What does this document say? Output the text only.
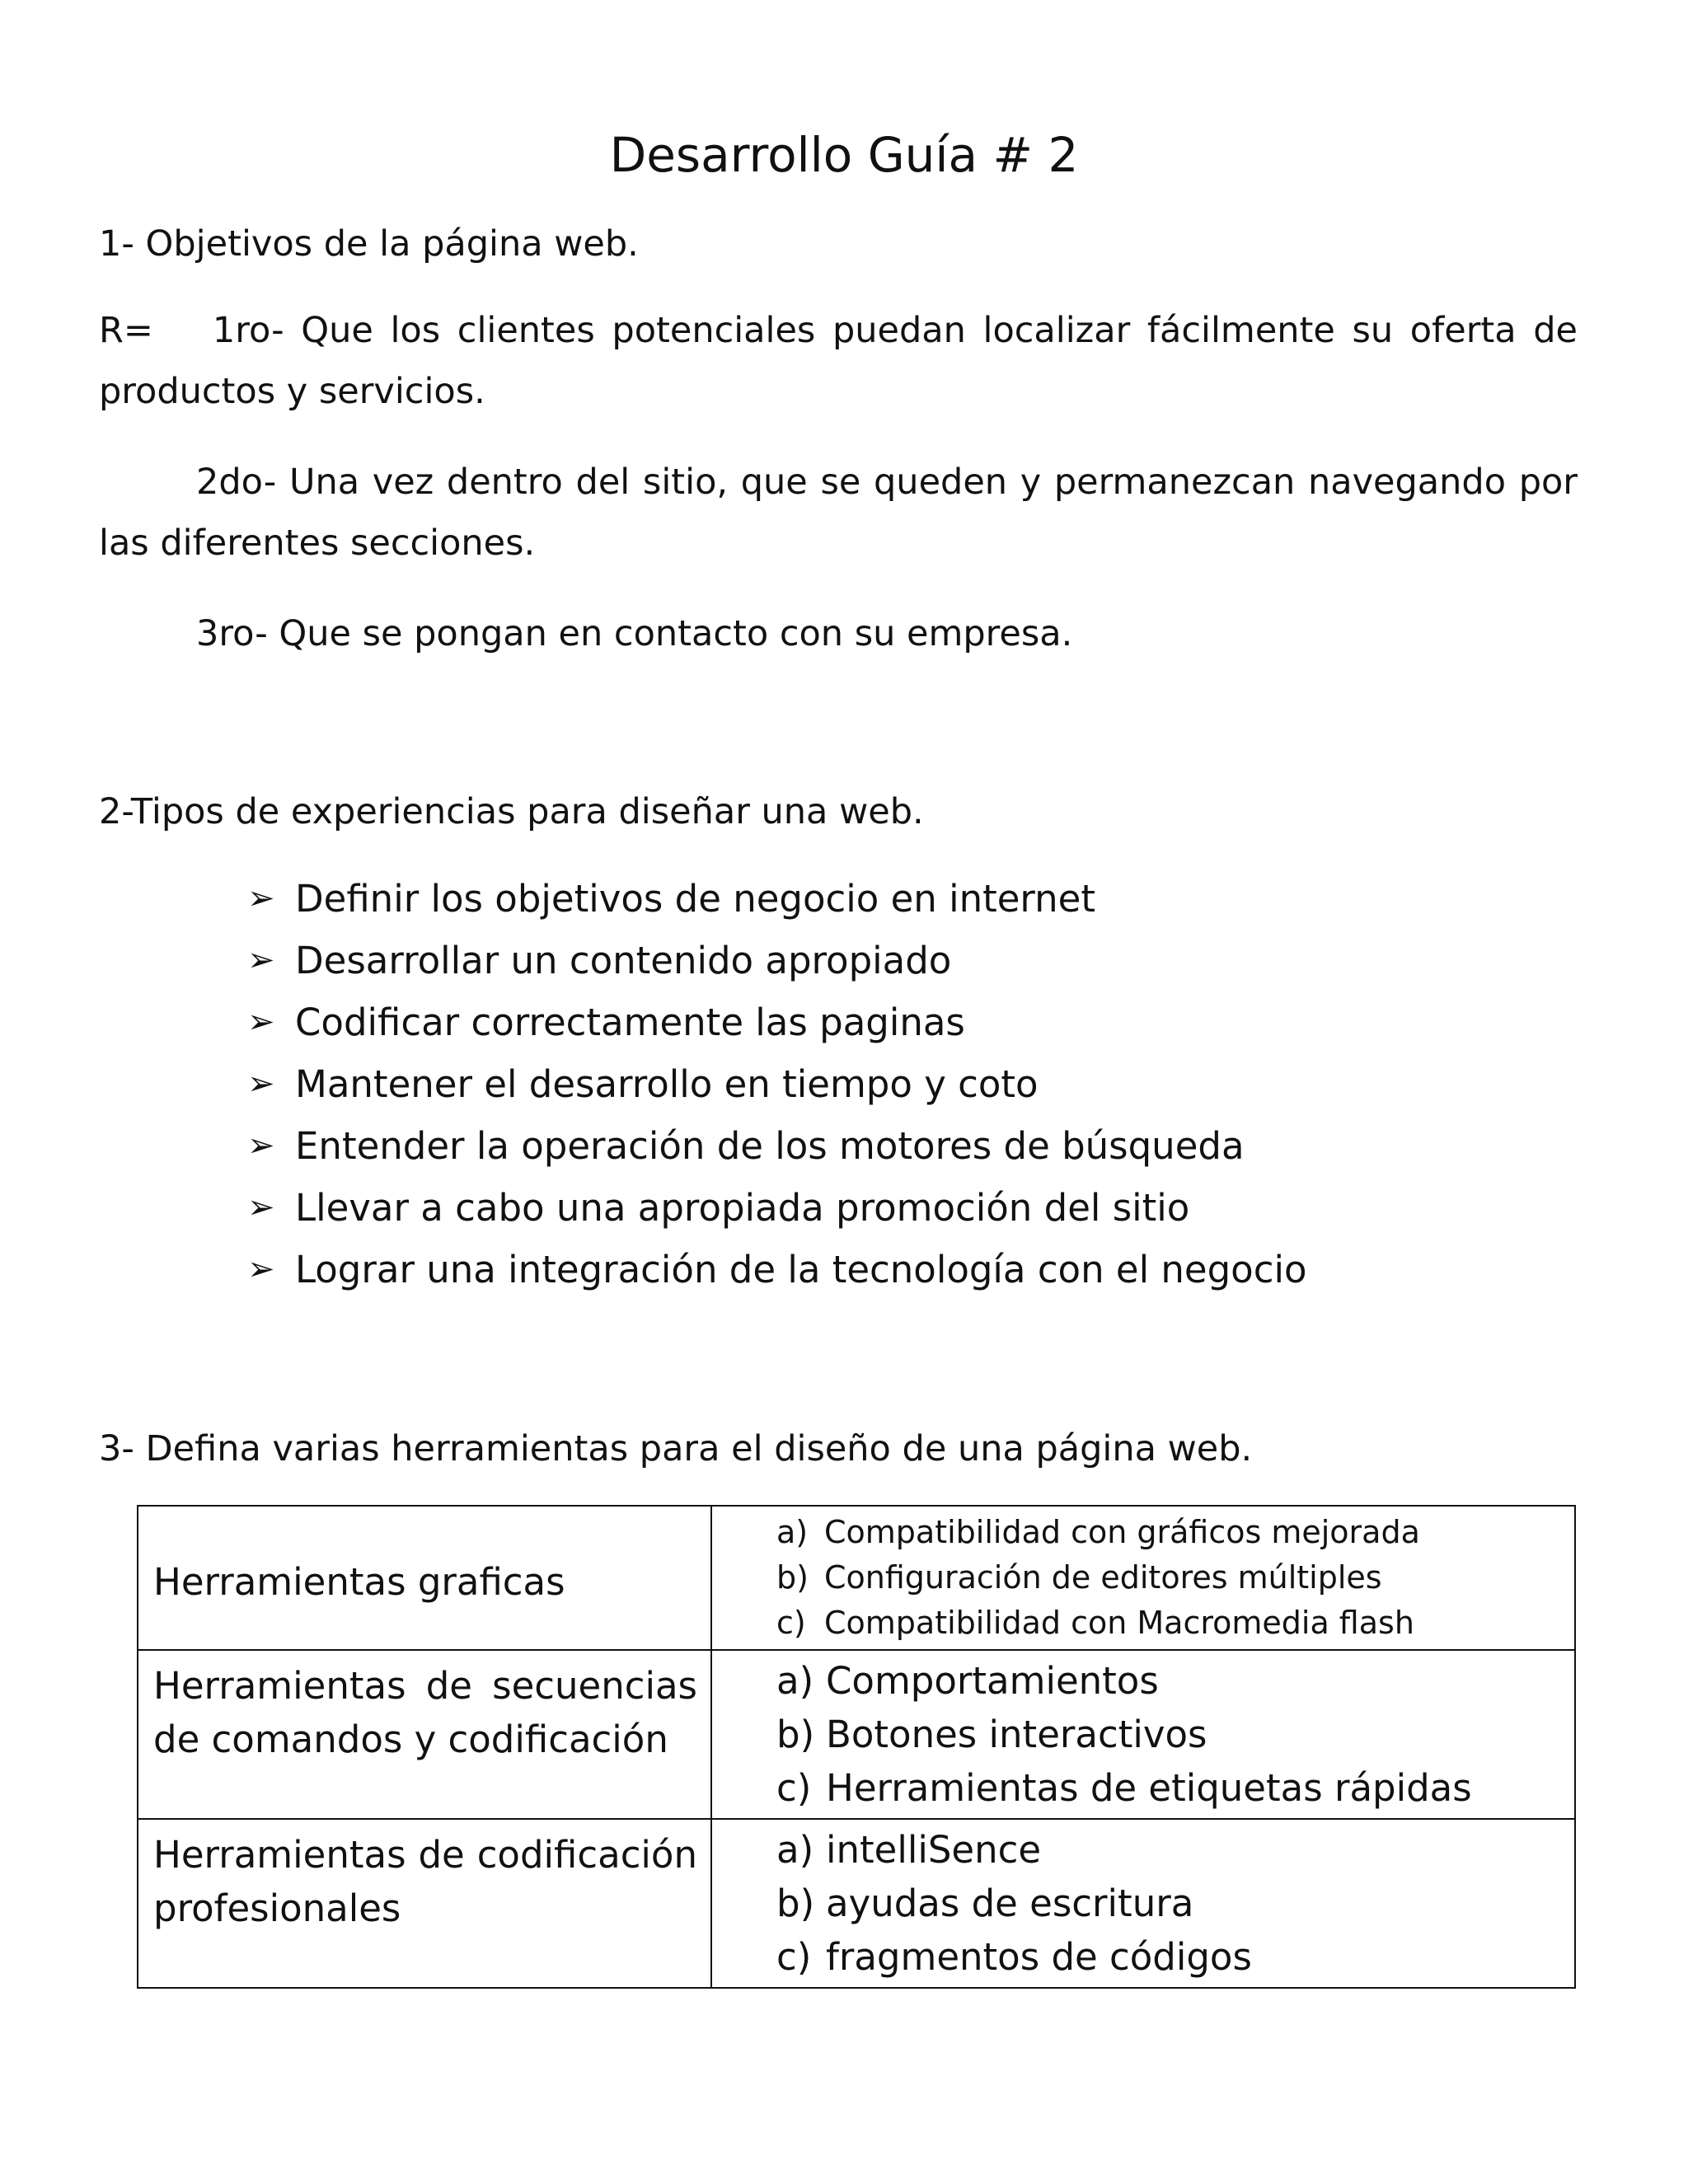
Desarrollo Guía # 2

1- Objetivos de la página web.

R= 1ro- Que los clientes potenciales puedan localizar fácilmente su oferta de productos y servicios.
2do- Una vez dentro del sitio, que se queden y permanezcan navegando por las diferentes secciones.
3ro- Que se pongan en contacto con su empresa.

2-Tipos de experiencias para diseñar una web.

➢ Definir los objetivos de negocio en internet
➢ Desarrollar un contenido apropiado
➢ Codificar correctamente las paginas
➢ Mantener el desarrollo en tiempo y coto
➢ Entender la operación de los motores de búsqueda
➢ Llevar a cabo una apropiada promoción del sitio
➢ Lograr una integración de la tecnología con el negocio

3- Defina varias herramientas para el diseño de una página web.

Herramientas graficas	a) Compatibilidad con gráficos mejorada
b) Configuración de editores múltiples
c) Compatibilidad con Macromedia flash

Herramientas de secuencias de comandos y codificación	a) Comportamientos
b) Botones interactivos
c) Herramientas de etiquetas rápidas

Herramientas de codificación profesionales	a) intelliSence
b) ayudas de escritura
c) fragmentos de códigos
